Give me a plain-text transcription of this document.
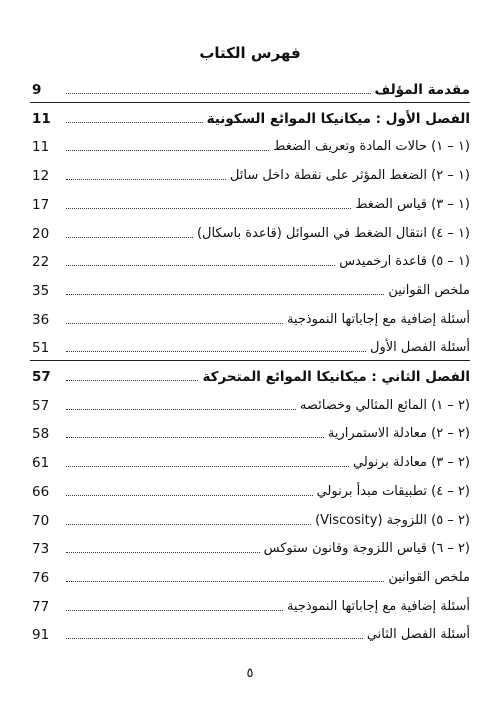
فهرس الكتاب
مقدمة المؤلف
9
الفصل الأول : ميكانيكا الموائع السكونية
11
(١ – ١) حالات المادة وتعريف الضغط
11
(١ – ٢) الضغط المؤثر على نقطة داخل سائل
12
(١ – ٣) قياس الضغط
17
(١ – ٤) انتقال الضغط في السوائل (قاعدة باسكال)
20
(١ – ٥) قاعدة ارخميدس
22
ملخص القوانين
35
أسئلة إضافية مع إجاباتها النموذجية
36
أسئلة الفصل الأول
51
الفصل الثاني : ميكانيكا الموائع المتحركة
57
(٢ – ١) المائع المثالي وخصائصه
57
(٢ – ٢) معادلة الاستمرارية
58
(٢ – ٣) معادلة برنولي
61
(٢ – ٤) تطبيقات مبدأ برنولي
66
(٢ – ٥) اللزوجة (Viscosity)
70
(٢ – ٦) قياس اللزوجة وقانون ستوكس
73
ملخص القوانين
76
أسئلة إضافية مع إجاباتها النموذجية
77
أسئلة الفصل الثاني
91
٥
